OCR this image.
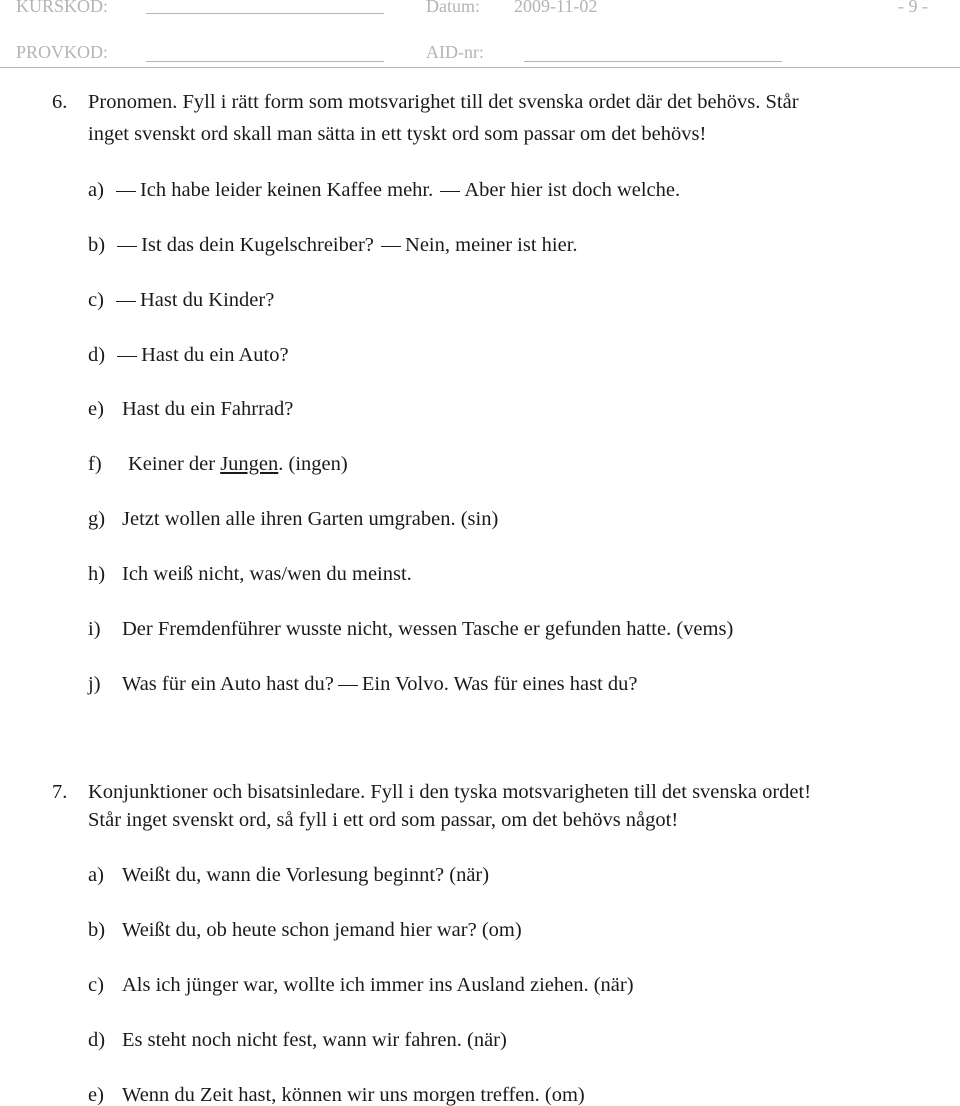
KURSKOD:	Datum: 2009-11-02	- 9 -
PROVKOD:	AID-nr:
6. Pronomen. Fyll i rätt form som motsvarighet till det svenska ordet där det behövs. Står
inget svenskt ord skall man sätta in ett tyskt ord som passar om det behövs!
a) Ich habe leider keinen Kaffee mehr. Aber hier ist doch welche.
b) Ist das dein Kugelschreiber? Nein, meiner ist hier.
c) Hast du Kinder?
d) Hast du ein Auto?
e) Hast du ein Fahrrad?
f) Keiner der Jungen. (ingen)
g) Jetzt wollen alle ihren Garten umgraben. (sin)
h) Ich weiß nicht, was/wen du meinst.
i) Der Fremdenführer wusste nicht, wessen Tasche er gefunden hatte. (vems)
j) Was für ein Auto hast du? Ein Volvo. Was für eines hast du?
7. Konjunktioner och bisatsinledare. Fyll i den tyska motsvarigheten till det svenska ordet!
Står inget svenskt ord, så fyll i ett ord som passar, om det behövs något!
a) Weißt du, wann die Vorlesung beginnt? (när)
b) Weißt du, ob heute schon jemand hier war? (om)
c) Als ich jünger war, wollte ich immer ins Ausland ziehen. (när)
d) Es steht noch nicht fest, wann wir fahren. (när)
e) Wenn du Zeit hast, können wir uns morgen treffen. (om)
